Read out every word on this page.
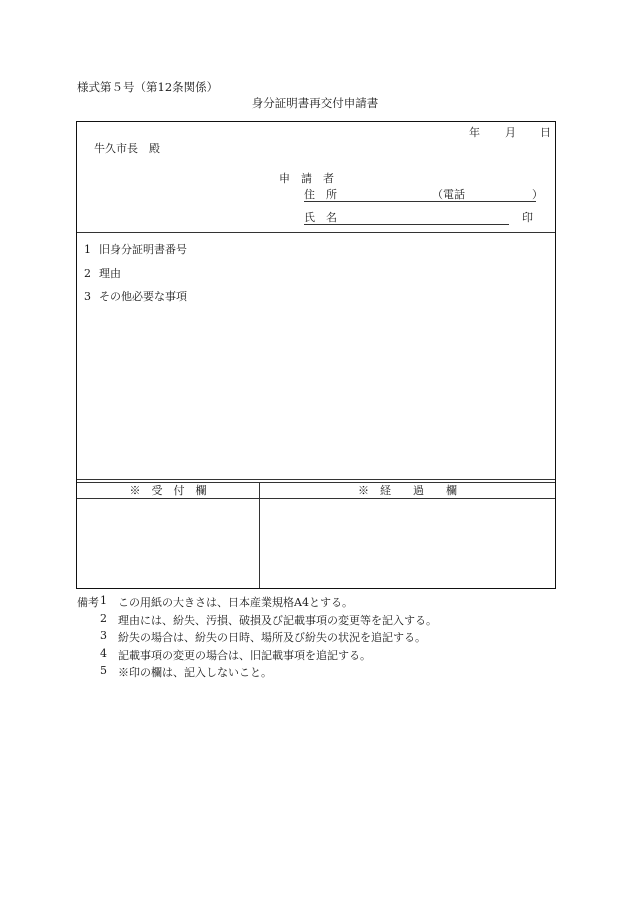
様式第５号（第12条関係）
身分証明書再交付申請書
年 月 日
牛久市長　殿
申　請　者
住　所	（電話	）
氏　名	印
1 旧身分証明書番号
2 理由
3 その他必要な事項
※　受　付　欄	※　経　　過　　欄
備考 1 この用紙の大きさは、日本産業規格A4とする。
2 理由には、紛失、汚損、破損及び記載事項の変更等を記入する。
3 紛失の場合は、紛失の日時、場所及び紛失の状況を追記する。
4 記載事項の変更の場合は、旧記載事項を追記する。
5 ※印の欄は、記入しないこと。
